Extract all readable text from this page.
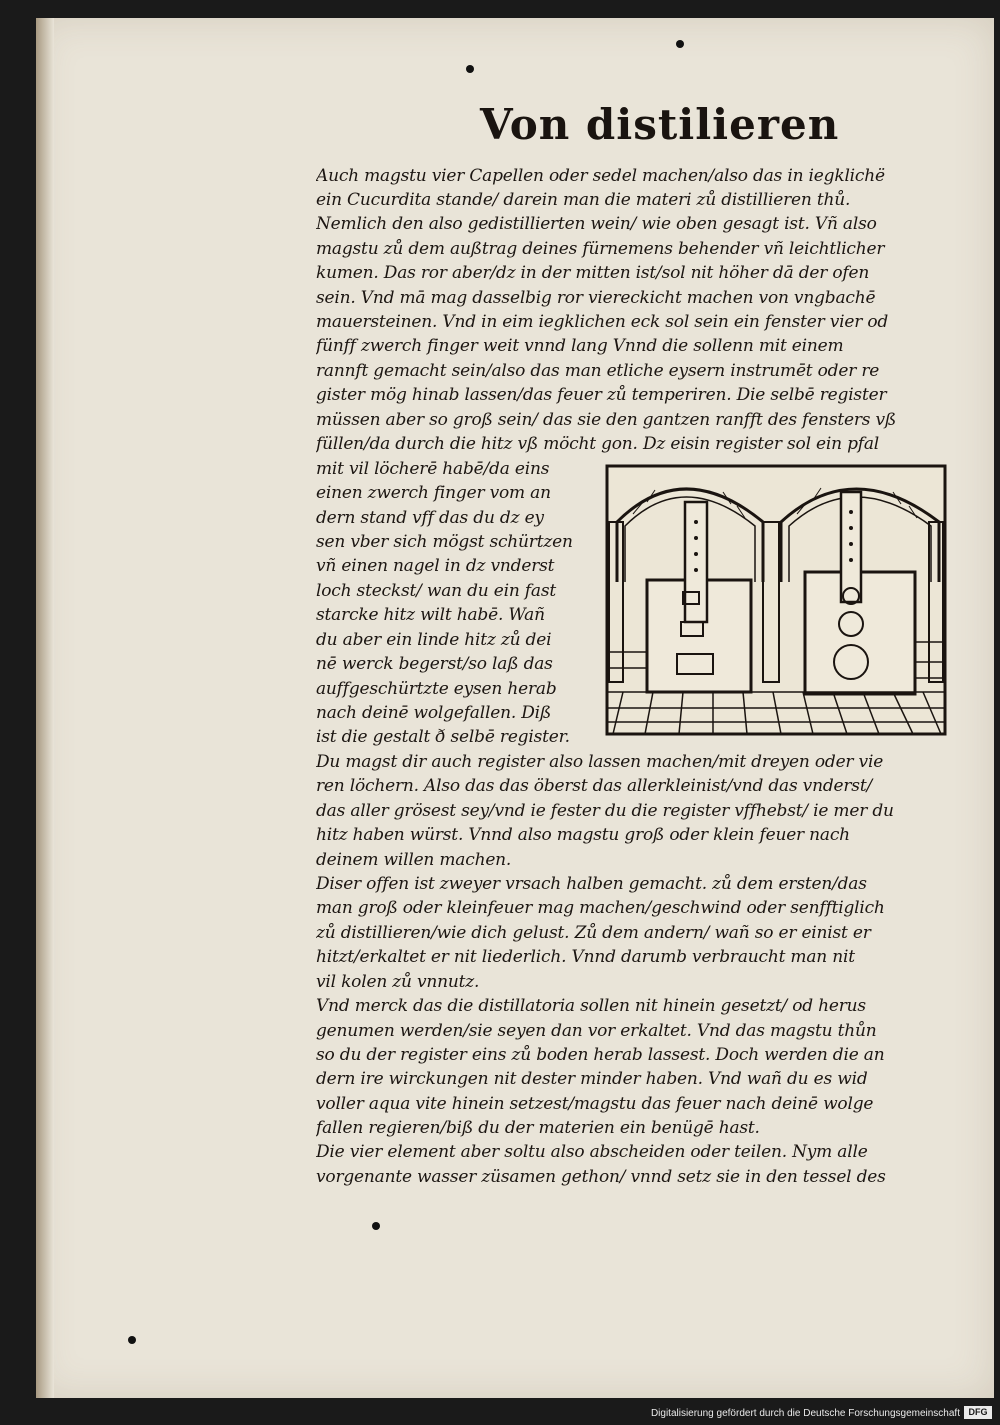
Von distilieren
Auch magstu vier Capellen oder sedel machen/also das in iegklichë
ein Cucurdita stande/ darein man die materi zů distillieren thů.
Nemlich den also gedistillierten wein/ wie oben gesagt ist. Vñ also
magstu zů dem außtrag deines fürnemens behender vñ leichtlicher
kumen. Das ror aber/dz in der mitten ist/sol nit höher dā der ofen
sein. Vnd mā mag dasselbig ror viereckicht machen von vngbachē
mauersteinen. Vnd in eim iegklichen eck sol sein ein fenster vier od
fünff zwerch finger weit vnnd lang Vnnd die sollenn mit einem
rannft gemacht sein/also das man etliche eysern instrumēt oder re
gister mög hinab lassen/das feuer zů temperiren. Die selbē register
müssen aber so groß sein/ das sie den gantzen ranfft des fensters vß
füllen/da durch die hitz vß möcht gon. Dz eisin register sol ein pfal
mit vil löcherē habē/da eins
einen zwerch finger vom an
dern stand vff das du dz ey
sen vber sich mögst schürtzen
vñ einen nagel in dz vnderst
loch steckst/ wan du ein fast
starcke hitz wilt habē. Wañ
du aber ein linde hitz zů dei
nē werck begerst/so laß das
auffgeschürtzte eysen herab
nach deinē wolgefallen. Diß
ist die gestalt ð selbē register.
Du magst dir auch register also lassen machen/mit dreyen oder vie
ren löchern. Also das das öberst das allerkleinist/vnd das vnderst/
das aller grösest sey/vnd ie fester du die register vffhebst/ ie mer du
hitz haben würst. Vnnd also magstu groß oder klein feuer nach
deinem willen machen.
Diser offen ist zweyer vrsach halben gemacht. zů dem ersten/das
man groß oder kleinfeuer mag machen/geschwind oder senfftiglich
zů distillieren/wie dich gelust. Zů dem andern/ wañ so er einist er
hitzt/erkaltet er nit liederlich. Vnnd darumb verbraucht man nit
vil kolen zů vnnutz.
Vnd merck das die distillatoria sollen nit hinein gesetzt/ od herus
genumen werden/sie seyen dan vor erkaltet. Vnd das magstu thůn
so du der register eins zů boden herab lassest. Doch werden die an
dern ire wirckungen nit dester minder haben. Vnd wañ du es wid
voller aqua vite hinein setzest/magstu das feuer nach deinē wolge
fallen regieren/biß du der materien ein benügē hast.
Die vier element aber soltu also abscheiden oder teilen. Nym alle
vorgenante wasser züsamen gethon/ vnnd setz sie in den tessel des
Digitalisierung gefördert durch die Deutsche Forschungsgemeinschaft DFG
